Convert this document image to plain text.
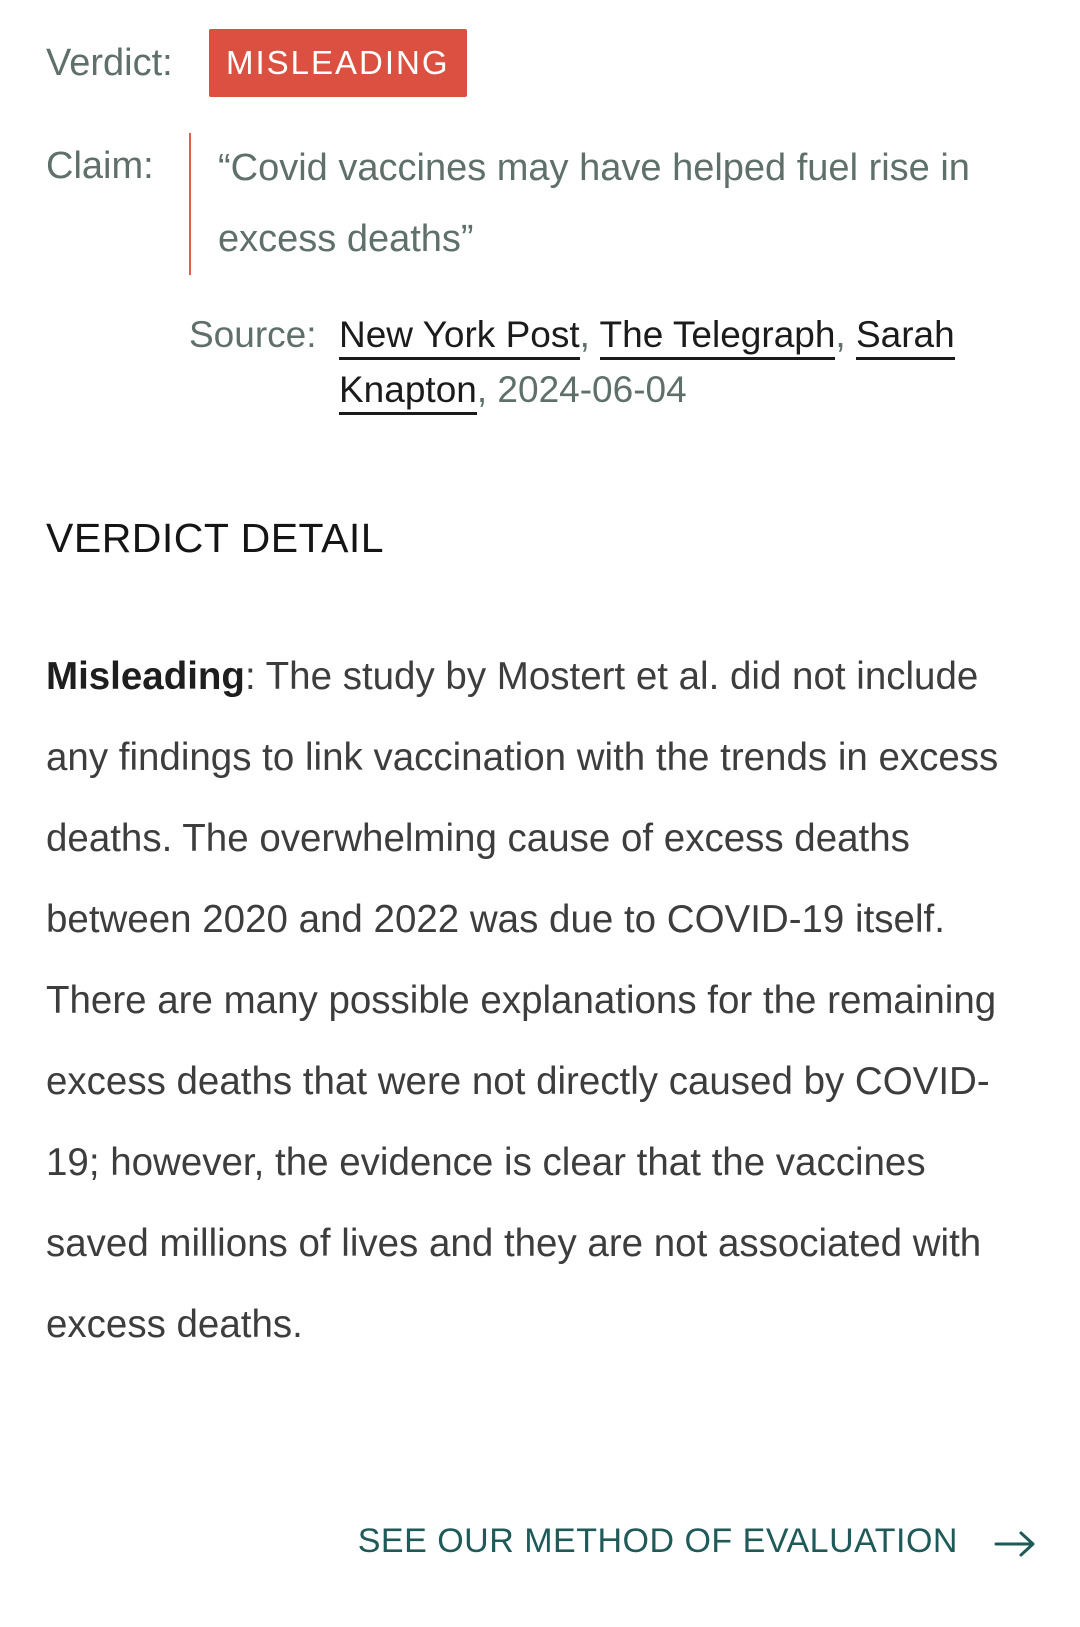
Verdict:	MISLEADING
Claim:	“Covid vaccines may have helped fuel rise in excess deaths”
Source: New York Post, The Telegraph, Sarah Knapton, 2024-06-04
VERDICT DETAIL

Misleading: The study by Mostert et al. did not include any findings to link vaccination with the trends in excess deaths. The overwhelming cause of excess deaths between 2020 and 2022 was due to COVID-19 itself. There are many possible explanations for the remaining excess deaths that were not directly caused by COVID-19; however, the evidence is clear that the vaccines saved millions of lives and they are not associated with excess deaths.

SEE OUR METHOD OF EVALUATION
